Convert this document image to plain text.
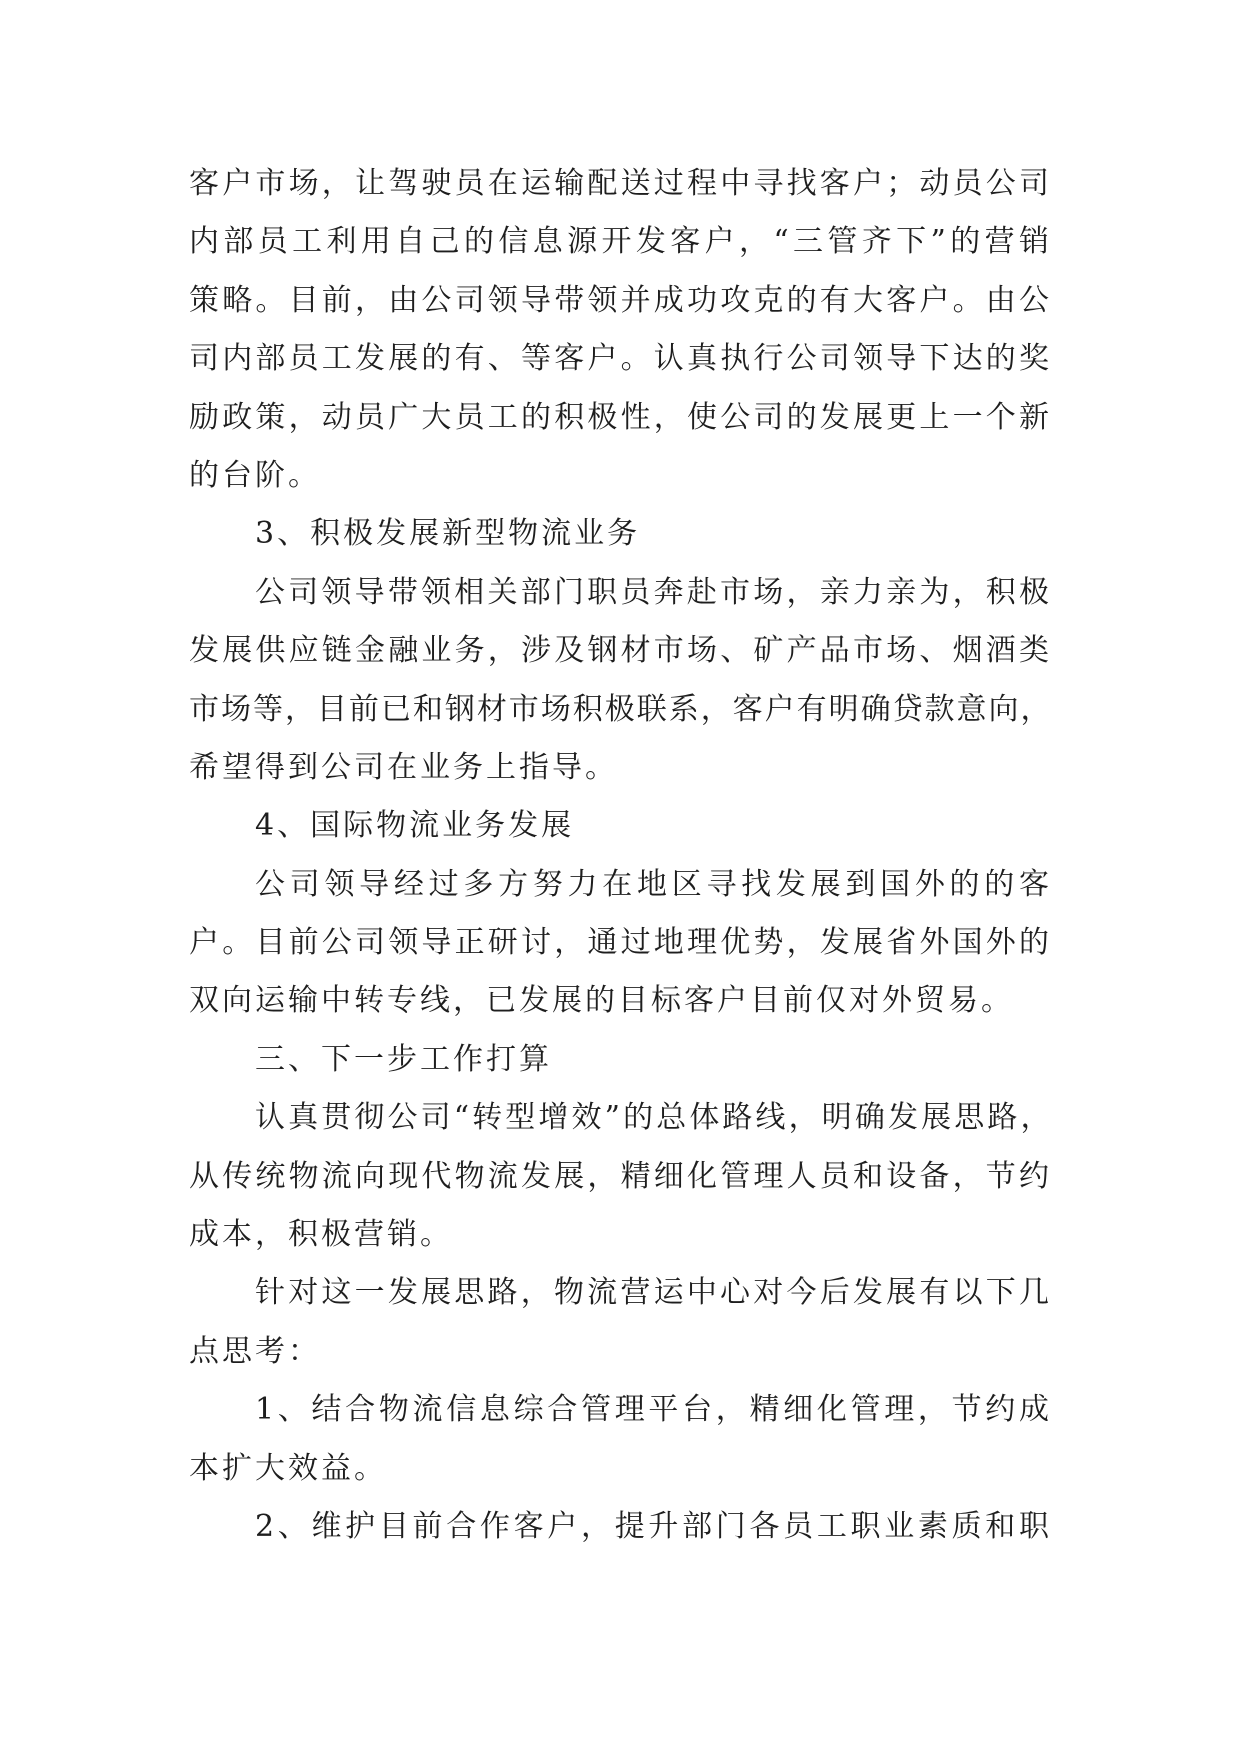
客户市场，让驾驶员在运输配送过程中寻找客户；动员公司
内部员工利用自己的信息源开发客户，“三管齐下”的营销
策略。目前，由公司领导带领并成功攻克的有大客户。由公
司内部员工发展的有、等客户。认真执行公司领导下达的奖
励政策，动员广大员工的积极性，使公司的发展更上一个新
的台阶。
3、积极发展新型物流业务
公司领导带领相关部门职员奔赴市场，亲力亲为，积极
发展供应链金融业务，涉及钢材市场、矿产品市场、烟酒类
市场等，目前已和钢材市场积极联系，客户有明确贷款意向，
希望得到公司在业务上指导。
4、国际物流业务发展
公司领导经过多方努力在地区寻找发展到国外的的客
户。目前公司领导正研讨，通过地理优势，发展省外国外的
双向运输中转专线，已发展的目标客户目前仅对外贸易。
三、下一步工作打算
认真贯彻公司“转型增效”的总体路线，明确发展思路，
从传统物流向现代物流发展，精细化管理人员和设备，节约
成本，积极营销。
针对这一发展思路，物流营运中心对今后发展有以下几
点思考：
1、结合物流信息综合管理平台，精细化管理，节约成
本扩大效益。
2、维护目前合作客户，提升部门各员工职业素质和职
